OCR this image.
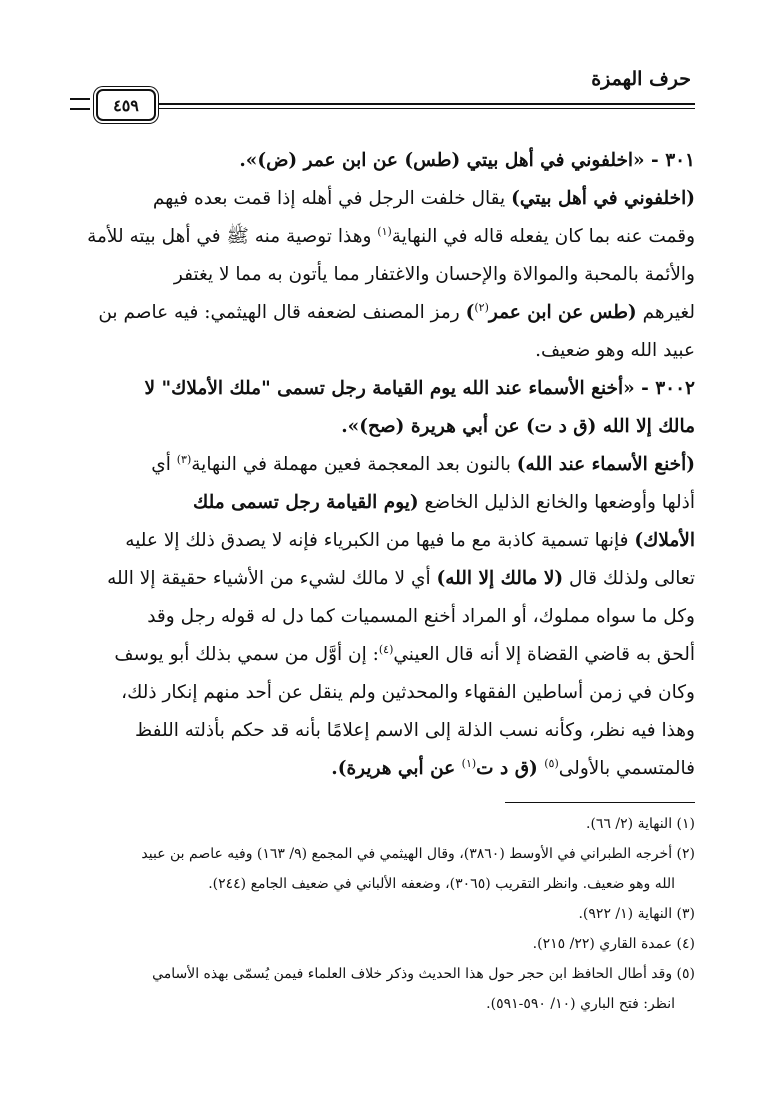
حرف الهمزة
٤٥٩
٣٠١ - «اخلفوني في أهل بيتي (طس) عن ابن عمر (ض)».
(اخلفوني في أهل بيتي) يقال خلفت الرجل في أهله إذا قمت بعده فيهم
وقمت عنه بما كان يفعله قاله في النهاية$^{(١)}$ وهذا توصية منه ﷺ في أهل بيته للأمة
والأئمة بالمحبة والموالاة والإحسان والاغتفار مما يأتون به مما لا يغتفر
لغيرهم (طس عن ابن عمر$^{(٢)}$) رمز المصنف لضعفه قال الهيثمي: فيه عاصم بن
عبيد الله وهو ضعيف.
٣٠٠٢ - «أخنع الأسماء عند الله يوم القيامة رجل تسمى "ملك الأملاك" لا
مالك إلا الله (ق د ت) عن أبي هريرة (صح)».
(أخنع الأسماء عند الله) بالنون بعد المعجمة فعين مهملة في النهاية$^{(٣)}$ أي
أذلها وأوضعها والخانع الذليل الخاضع (يوم القيامة رجل تسمى ملك
الأملاك) فإنها تسمية كاذبة مع ما فيها من الكبرياء فإنه لا يصدق ذلك إلا عليه
تعالى ولذلك قال (لا مالك إلا الله) أي لا مالك لشيء من الأشياء حقيقة إلا الله
وكل ما سواه مملوك، أو المراد أخنع المسميات كما دل له قوله رجل وقد
ألحق به قاضي القضاة إلا أنه قال العيني$^{(٤)}$: إن أوَّل من سمي بذلك أبو يوسف
وكان في زمن أساطين الفقهاء والمحدثين ولم ينقل عن أحد منهم إنكار ذلك،
وهذا فيه نظر، وكأنه نسب الذلة إلى الاسم إعلامًا بأنه قد حكم بأذلته اللفظ
فالمتسمي بالأولى$^{(٥)}$ (ق د ت$^{(١)}$ عن أبي هريرة).
(١) النهاية (٢/ ٦٦).
(٢) أخرجه الطبراني في الأوسط (٣٨٦٠)، وقال الهيثمي في المجمع (٩/ ١٦٣) وفيه عاصم بن عبيد
الله وهو ضعيف. وانظر التقريب (٣٠٦٥)، وضعفه الألباني في ضعيف الجامع (٢٤٤).
(٣) النهاية (١/ ٩٢٢).
(٤) عمدة القاري (٢٢/ ٢١٥).
(٥) وقد أطال الحافظ ابن حجر حول هذا الحديث وذكر خلاف العلماء فيمن يُسمّى بهذه الأسامي
انظر: فتح الباري (١٠/ ٥٩٠-٥٩١).
